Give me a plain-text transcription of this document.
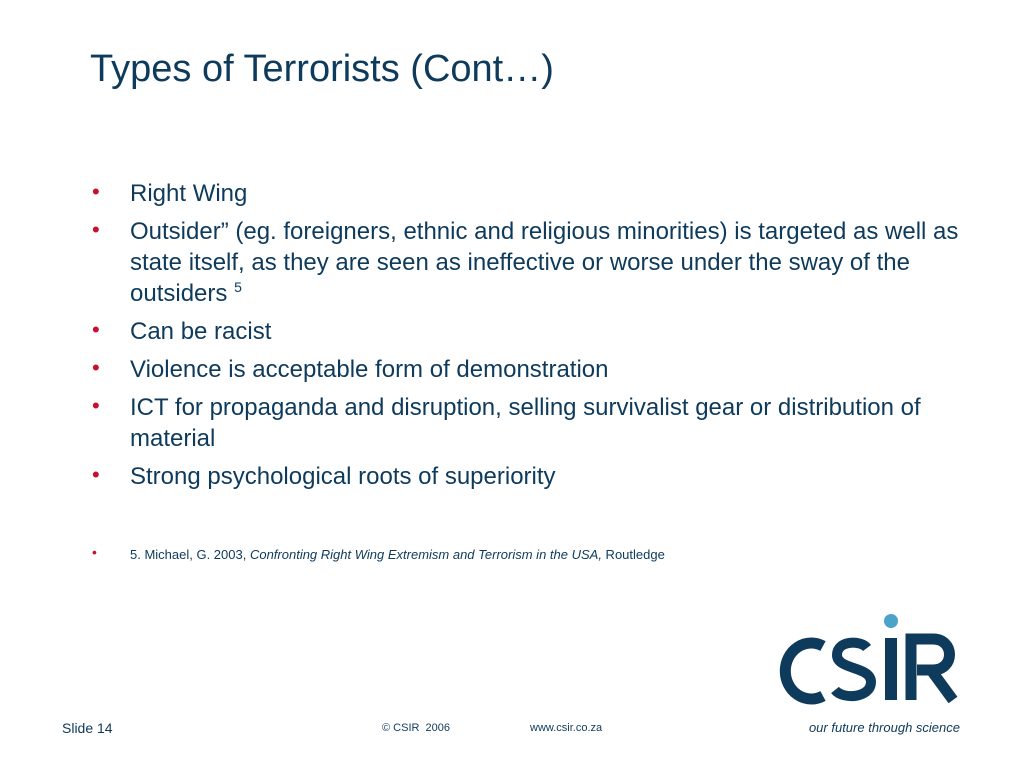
Types of Terrorists (Cont…)
• Right Wing
• Outsider” (eg. foreigners, ethnic and religious minorities) is targeted as well as state itself, as they are seen as ineffective or worse under the sway of the outsiders $^5$
• Can be racist
• Violence is acceptable form of demonstration
• ICT for propaganda and disruption, selling survivalist gear or distribution of material
• Strong psychological roots of superiority
•	5. Michael, G. 2003, Confronting Right Wing Extremism and Terrorism in the USA, Routledge
our future through science
Slide 14	© CSIR  2006	www.csir.co.za
